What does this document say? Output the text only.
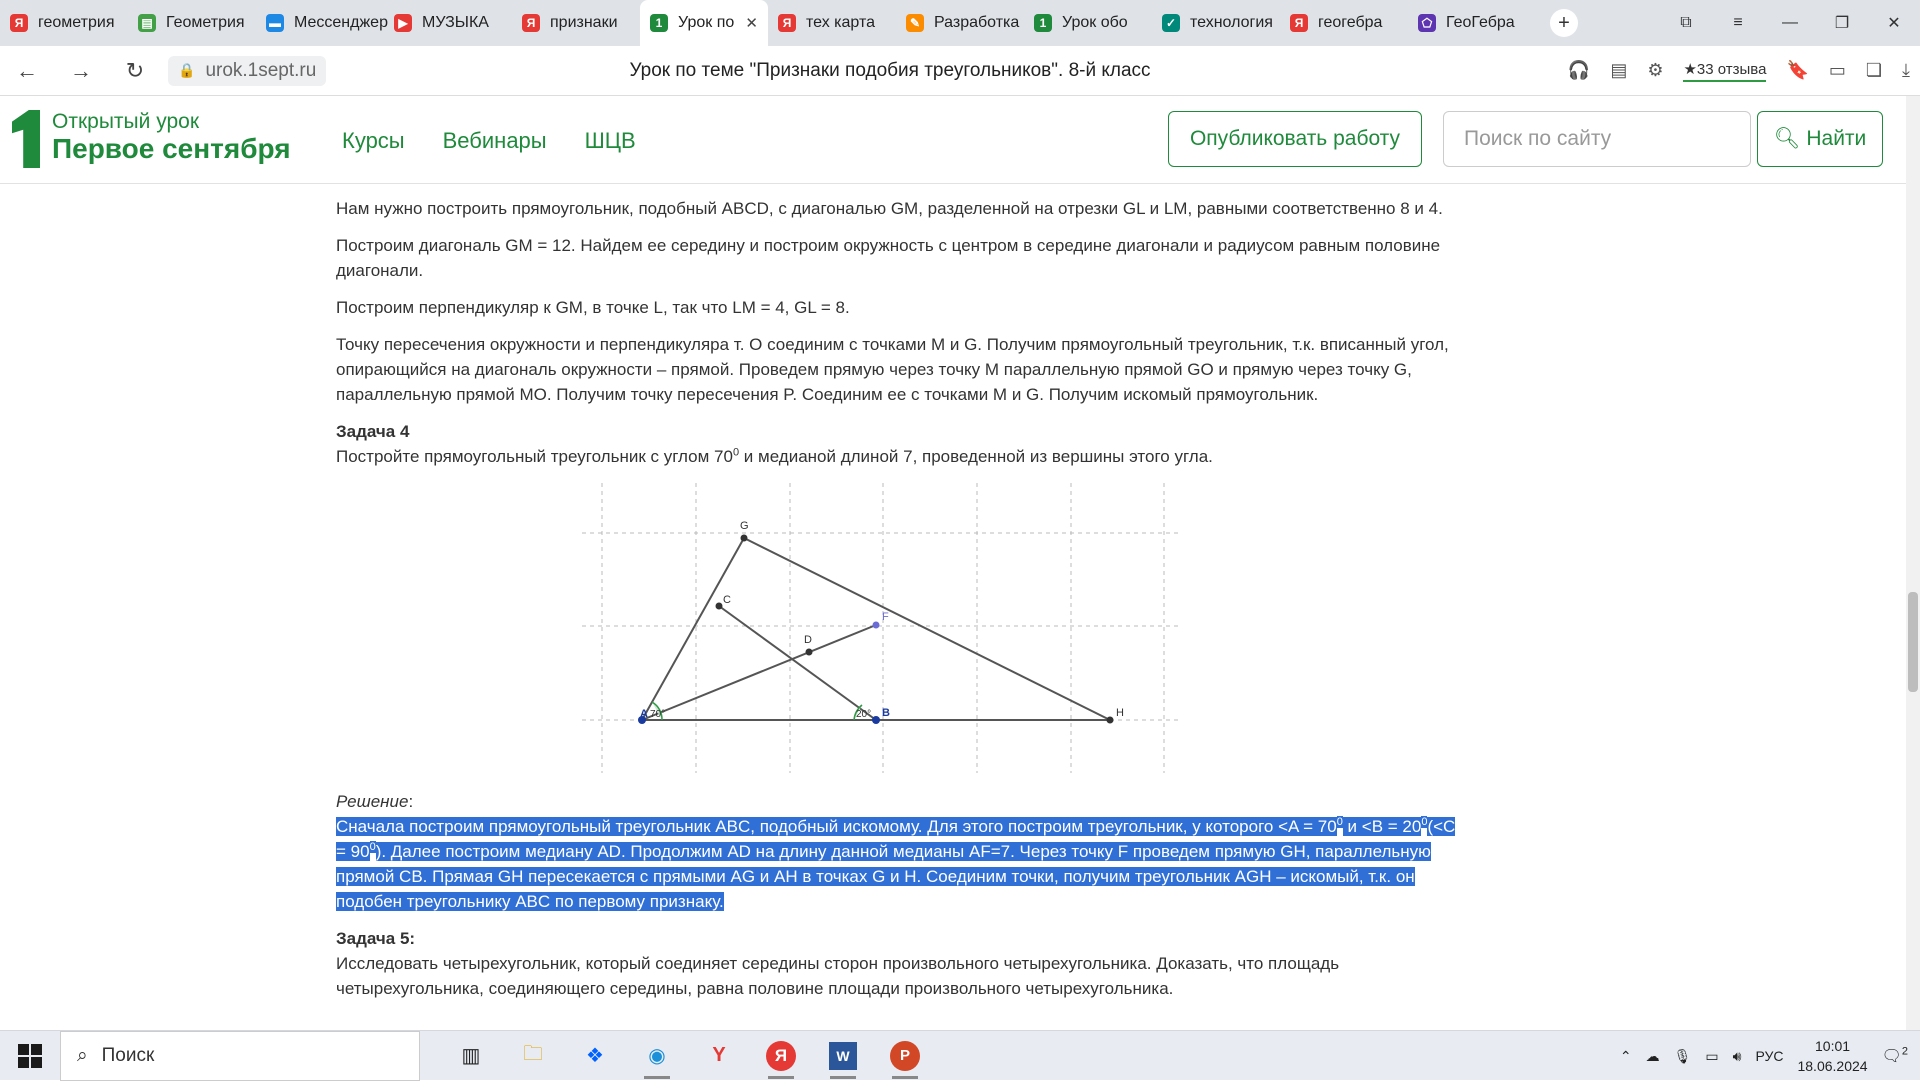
Я геометрия ▤ Геометрия ▬ Мессенджер ▶ МУЗЫКА	Я признаки	1 Урок по ✕	Я тех карта	✎ Разработка	1 Урок обо	✓ технология	Я геогебра	⬠ ГеоГебра	+	⧉	≡	—	❐	✕
←	→	↻	🔒 urok.1sept.ru	Урок по теме "Признаки подобия треугольников". 8-й класс	🎧 ▤ ⚙ ★33 отзыва 🔖 ▭ ❏ ⤓
Открытый урок
Первое сентября Курсы Вебинары ШЦВ	Опубликовать работу	Поиск по сайту	🔍︎ Найти

Нам нужно построить прямоугольник, подобный ABCD, с диагональю GM, разделенной на отрезки GL и LM, равными соответственно 8 и 4.

Построим диагональ GM = 12. Найдем ее середину и построим окружность с центром в середине диагонали и радиусом равным половине диагонали.

Построим перпендикуляр к GM, в точке L, так что LM = 4, GL = 8.

Точку пересечения окружности и перпендикуляра т. О соединим с точками M и G. Получим прямоугольный треугольник, т.к. вписанный угол, опирающийся на диагональ окружности – прямой. Проведем прямую через точку M параллельную прямой GO и прямую через точку G, параллельную прямой MO. Получим точку пересечения P. Соединим ее с точками M и G. Получим искомый прямоугольник.

Задача 4

Постройте прямоугольный треугольник с углом $70^0$ и медианой длиной 7, проведенной из вершины этого угла.

A	B
C
D
F
G
H
70°	20°

Решение:

Сначала построим прямоугольный треугольник ABC, подобный искомому. Для этого построим треугольник, у которого $<A = 70^0$ $и <B = 20^0(<C = 90^0)$. Далее построим медиану AD. Продолжим AD на длину данной медианы AF=7. Через точку F проведем прямую GH, параллельную прямой CB. Прямая GH пересекается с прямыми AG и AH в точках G и H. Соединим точки, получим треугольник AGH – искомый, т.к. он подобен треугольнику ABC по первому признаку.

Задача 5:

Исследовать четырехугольник, который соединяет середины сторон произвольного четырехугольника. Доказать, что площадь четырехугольника, соединяющего середины, равна половине площади произвольного четырехугольника.

⌕ Поиск	▥	🗀	❖	◉	Y	Я	W	P	⌃ ☁ 🎙︎ ▭ 🔊︎ РУС
10:01
18.06.2024
🗨$^2$
